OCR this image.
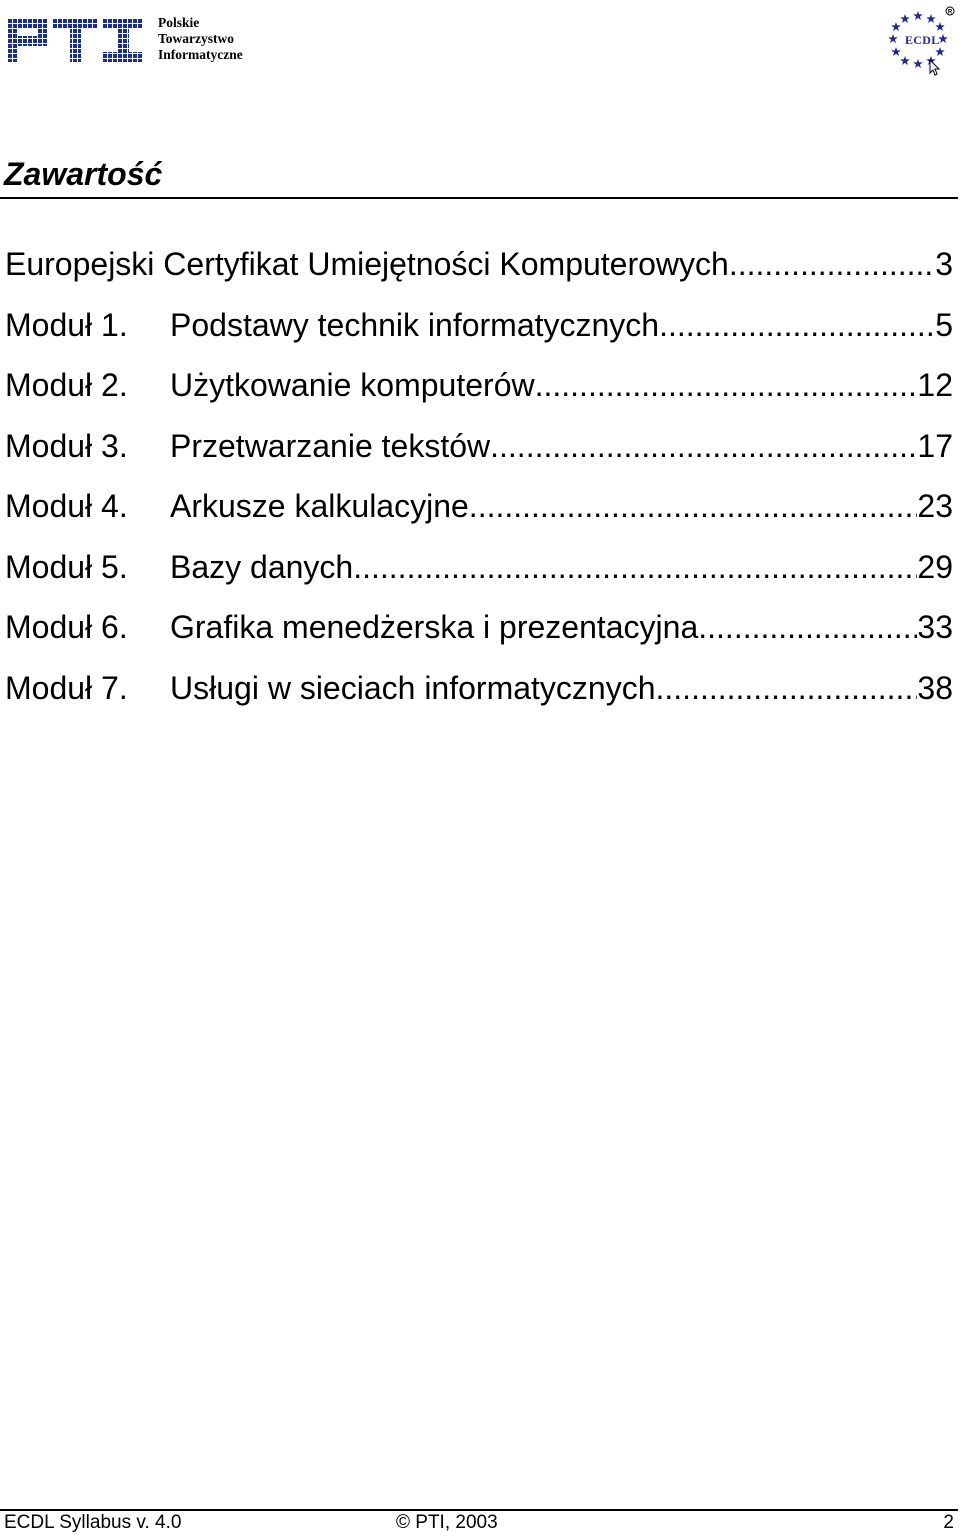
Polskie
Towarzystwo
Informatyczne
R
ECDL
Zawartość
Europejski Certyfikat Umiejętności Komputerowych .....	3
Moduł 1.	Podstawy technik informatycznych .....	5
Moduł 2.	Użytkowanie komputerów .....	12
Moduł 3.	Przetwarzanie tekstów .....	17
Moduł 4.	Arkusze kalkulacyjne .....	23
Moduł 5.	Bazy danych .....	29
Moduł 6.	Grafika menedżerska i prezentacyjna .....	33
Moduł 7.	Usługi w sieciach informatycznych .....	38
ECDL Syllabus v. 4.0	© PTI, 2003	2
